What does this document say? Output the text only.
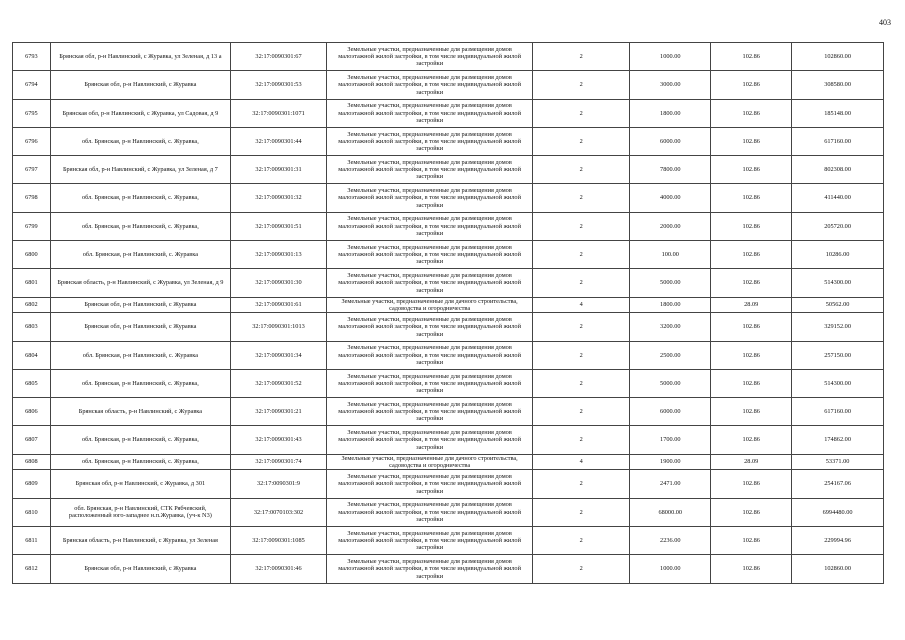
403
6793	Брянская обл, р-н Навлинский, с Журавка, ул Зеленая, д 13 а	32:17:0090301:67	Земельные участки, предназначенные для размещения домов малоэтажной жилой застройки, в том числе индивидуальной жилой застройки	2	1000.00	102.86	102860.00
6794	Брянская обл, р-н Навлинский, с Журавка	32:17:0090301:53	Земельные участки, предназначенные для размещения домов малоэтажной жилой застройки, в том числе индивидуальной жилой застройки	2	3000.00	102.86	308580.00
6795	Брянская обл, р-н Навлинский, с Журавка, ул Садовая, д 9	32:17:0090301:1071	Земельные участки, предназначенные для размещения домов малоэтажной жилой застройки, в том числе индивидуальной жилой застройки	2	1800.00	102.86	185148.00
6796	обл. Брянская, р-н Навлинский, с. Журавка,	32:17:0090301:44	Земельные участки, предназначенные для размещения домов малоэтажной жилой застройки, в том числе индивидуальной жилой застройки	2	6000.00	102.86	617160.00
6797	Брянская обл, р-н Навлинский, с Журавка, ул Зеленая, д 7	32:17:0090301:31	Земельные участки, предназначенные для размещения домов малоэтажной жилой застройки, в том числе индивидуальной жилой застройки	2	7800.00	102.86	802308.00
6798	обл. Брянская, р-н Навлинский, с. Журавка,	32:17:0090301:32	Земельные участки, предназначенные для размещения домов малоэтажной жилой застройки, в том числе индивидуальной жилой застройки	2	4000.00	102.86	411440.00
6799	обл. Брянская, р-н Навлинский, с. Журавка,	32:17:0090301:51	Земельные участки, предназначенные для размещения домов малоэтажной жилой застройки, в том числе индивидуальной жилой застройки	2	2000.00	102.86	205720.00
6800	обл. Брянская, р-н Навлинский, с. Журавка	32:17:0090301:13	Земельные участки, предназначенные для размещения домов малоэтажной жилой застройки, в том числе индивидуальной жилой застройки	2	100.00	102.86	10286.00
6801	Брянская область, р-н Навлинский, с Журавка, ул Зеленая, д 9	32:17:0090301:30	Земельные участки, предназначенные для размещения домов малоэтажной жилой застройки, в том числе индивидуальной жилой застройки	2	5000.00	102.86	514300.00
6802	Брянская обл, р-н Навлинский, с Журавка	32:17:0090301:61	Земельные участки, предназначенные для дачного строительства, садоводства и огородничества	4	1800.00	28.09	50562.00
6803	Брянская обл, р-н Навлинский, с Журавка	32:17:0090301:1013	Земельные участки, предназначенные для размещения домов малоэтажной жилой застройки, в том числе индивидуальной жилой застройки	2	3200.00	102.86	329152.00
6804	обл. Брянская, р-н Навлинский, с. Журавка	32:17:0090301:34	Земельные участки, предназначенные для размещения домов малоэтажной жилой застройки, в том числе индивидуальной жилой застройки	2	2500.00	102.86	257150.00
6805	обл. Брянская, р-н Навлинский, с. Журавка,	32:17:0090301:52	Земельные участки, предназначенные для размещения домов малоэтажной жилой застройки, в том числе индивидуальной жилой застройки	2	5000.00	102.86	514300.00
6806	Брянская область, р-н Навлинский, с Журавка	32:17:0090301:21	Земельные участки, предназначенные для размещения домов малоэтажной жилой застройки, в том числе индивидуальной жилой застройки	2	6000.00	102.86	617160.00
6807	обл. Брянская, р-н Навлинский, с. Журавка,	32:17:0090301:43	Земельные участки, предназначенные для размещения домов малоэтажной жилой застройки, в том числе индивидуальной жилой застройки	2	1700.00	102.86	174862.00
6808	обл. Брянская, р-н Навлинский, с. Журавка,	32:17:0090301:74	Земельные участки, предназначенные для дачного строительства, садоводства и огородничества	4	1900.00	28.09	53371.00
6809	Брянская обл, р-н Навлинский, с Журавка, д 301	32:17:0090301:9	Земельные участки, предназначенные для размещения домов малоэтажной жилой застройки, в том числе индивидуальной жилой застройки	2	2471.00	102.86	254167.06
6810	обл. Брянская, р-н Навлинский, СТК Рябчевский, расположенный юго-западнее н.п.Журавка, (уч-к N3)	32:17:0070103:302	Земельные участки, предназначенные для размещения домов малоэтажной жилой застройки, в том числе индивидуальной жилой застройки	2	68000.00	102.86	6994480.00
6811	Брянская область, р-н Навлинский, с Журавка, ул Зеленая	32:17:0090301:1085	Земельные участки, предназначенные для размещения домов малоэтажной жилой застройки, в том числе индивидуальной жилой застройки	2	2236.00	102.86	229994.96
6812	Брянская обл, р-н Навлинский, с Журавка	32:17:0090301:46	Земельные участки, предназначенные для размещения домов малоэтажной жилой застройки, в том числе индивидуальной жилой застройки	2	1000.00	102.86	102860.00
